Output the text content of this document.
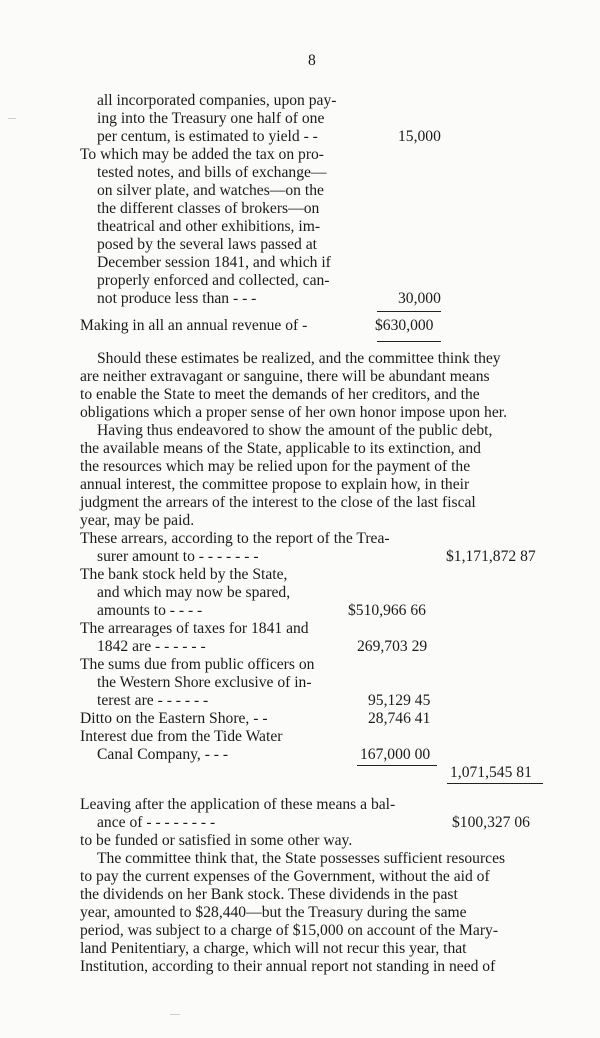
8
all incorporated companies, upon pay-
ing into the Treasury one half of one
per centum, is estimated to yield - -	15,000
To which may be added the tax on pro-
tested notes, and bills of exchange—
on silver plate, and watches—on the
the different classes of brokers—on
theatrical and other exhibitions, im-
posed by the several laws passed at
December session 1841, and which if
properly enforced and collected, can-
not produce less than - - -	30,000
Making in all an annual revenue of -	$630,000
Should these estimates be realized, and the committee think they
are neither extravagant or sanguine, there will be abundant means
to enable the State to meet the demands of her creditors, and the
obligations which a proper sense of her own honor impose upon her.
Having thus endeavored to show the amount of the public debt,
the available means of the State, applicable to its extinction, and
the resources which may be relied upon for the payment of the
annual interest, the committee propose to explain how, in their
judgment the arrears of the interest to the close of the last fiscal
year, may be paid.
These arrears, according to the report of the Trea-
surer amount to - - - - - - -	$1,171,872 87
The bank stock held by the State,
and which may now be spared,
amounts to - - - -	$510,966 66
The arrearages of taxes for 1841 and
1842 are - - - - - -	269,703 29
The sums due from public officers on
the Western Shore exclusive of in-
terest are - - - - - -	95,129 45
Ditto on the Eastern Shore, - -	28,746 41
Interest due from the Tide Water
Canal Company, - - -	167,000 00
1,071,545 81
Leaving after the application of these means a bal-
ance of - - - - - - - -	$100,327 06
to be funded or satisfied in some other way.
The committee think that, the State possesses sufficient resources
to pay the current expenses of the Government, without the aid of
the dividends on her Bank stock. These dividends in the past
year, amounted to $28,440—but the Treasury during the same
period, was subject to a charge of $15,000 on account of the Mary-
land Penitentiary, a charge, which will not recur this year, that
Institution, according to their annual report not standing in need of
